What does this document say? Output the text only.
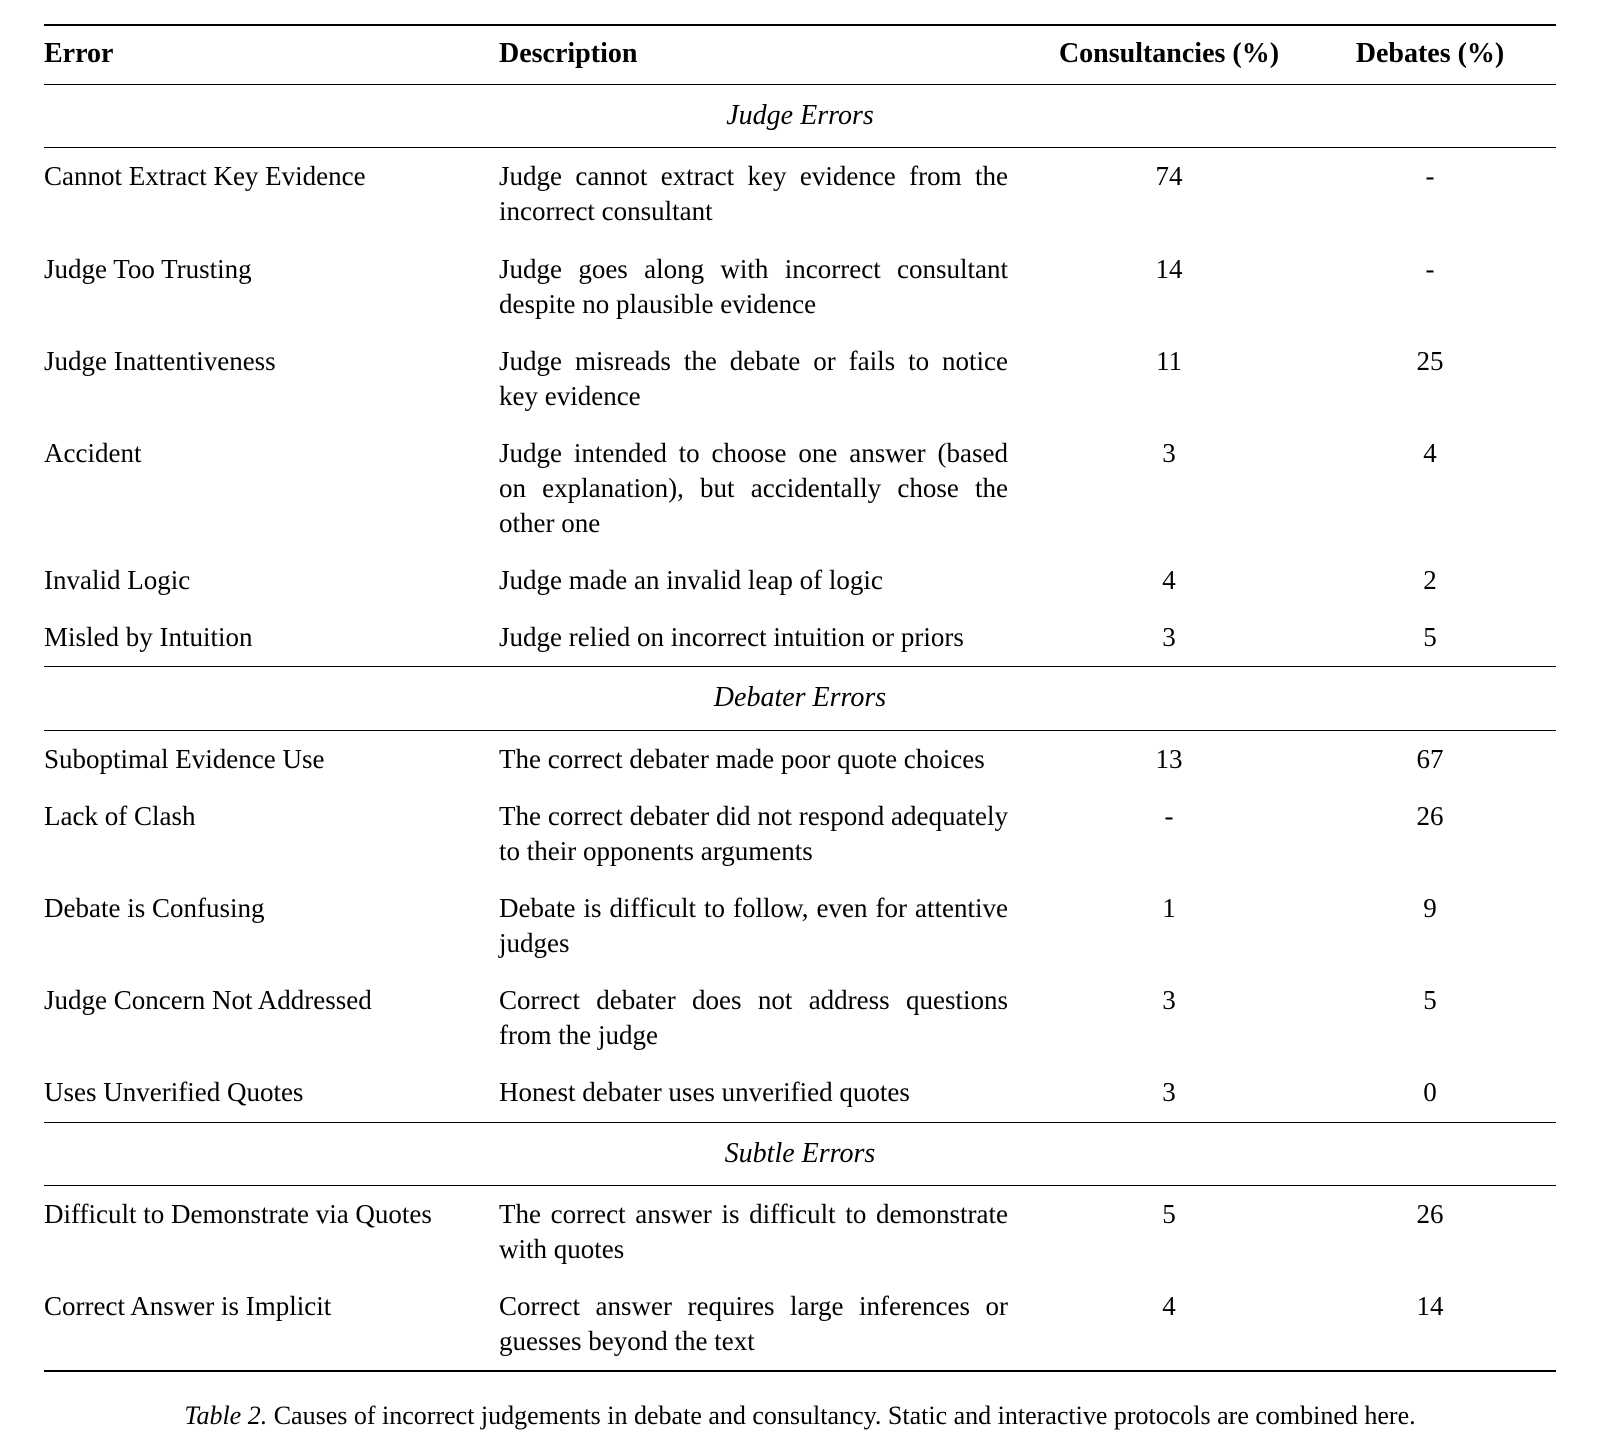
Error	Description	Consultancies (%)	Debates (%)

Judge Errors			

Cannot Extract Key Evidence	Judge cannot extract key evidence from the incorrect consultant	74	-
Judge Too Trusting	Judge goes along with incorrect consultant despite no plausible evidence	14	-
Judge Inattentiveness	Judge misreads the debate or fails to notice key evidence	11	25
Accident	Judge intended to choose one answer (based on explanation), but accidentally chose the other one	3	4
Invalid Logic	Judge made an invalid leap of logic	4	2
Misled by Intuition	Judge relied on incorrect intuition or priors	3	5

Debater Errors			

Suboptimal Evidence Use	The correct debater made poor quote choices	13	67
Lack of Clash	The correct debater did not respond adequately to their opponents arguments	-	26
Debate is Confusing	Debate is difficult to follow, even for attentive judges	1	9
Judge Concern Not Addressed	Correct debater does not address questions from the judge	3	5
Uses Unverified Quotes	Honest debater uses unverified quotes	3	0

Subtle Errors			

Difficult to Demonstrate via Quotes	The correct answer is difficult to demonstrate with quotes	5	26
Correct Answer is Implicit	Correct answer requires large inferences or guesses beyond the text	4	14

Table 2. Causes of incorrect judgements in debate and consultancy. Static and interactive protocols are combined here.
